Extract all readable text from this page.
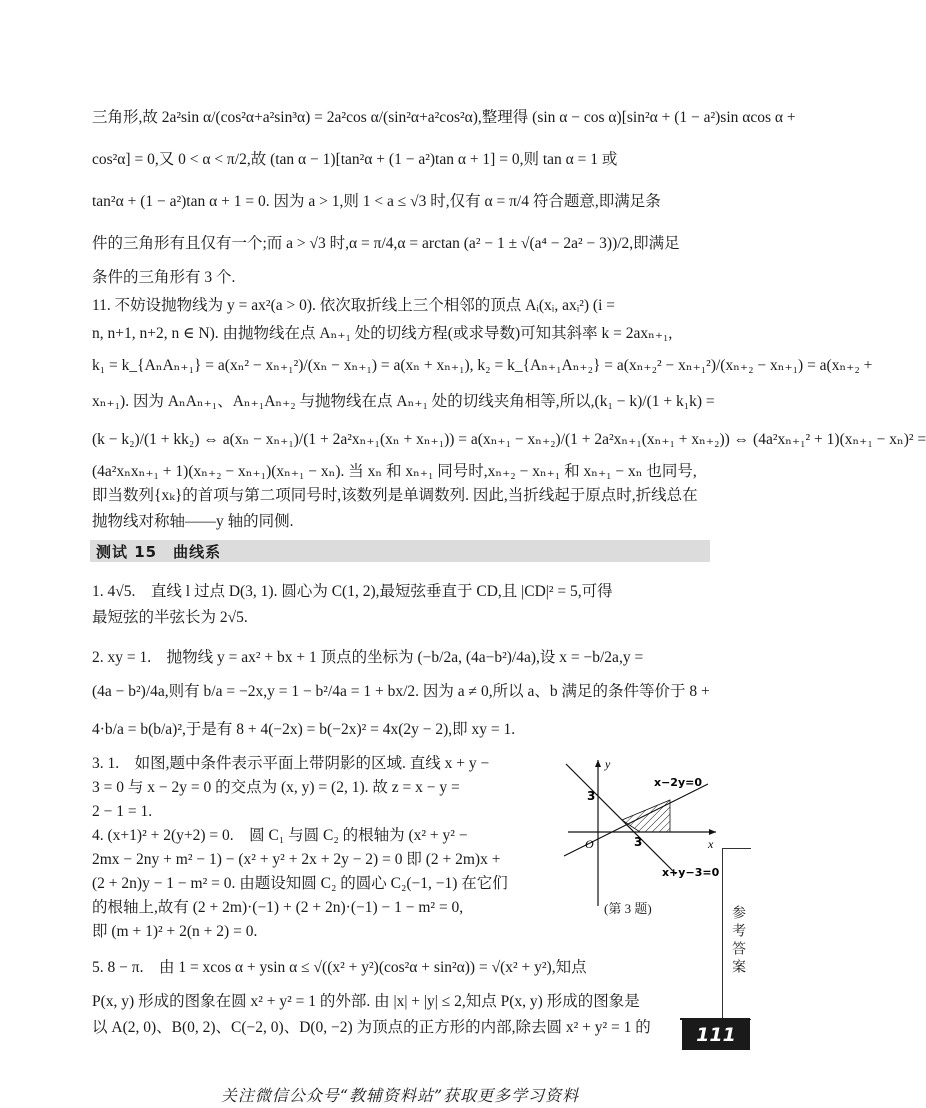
三角形,故 2a²sin α/(cos²α+a²sin³α) = 2a²cos α/(sin²α+a²cos²α),整理得 (sin α − cos α)[sin²α + (1 − a²)sin αcos α +
cos²α] = 0,又 0 < α < π/2,故 (tan α − 1)[tan²α + (1 − a²)tan α + 1] = 0,则 tan α = 1 或
tan²α + (1 − a²)tan α + 1 = 0. 因为 a > 1,则 1 < a ≤ √3 时,仅有 α = π/4 符合题意,即满足条
件的三角形有且仅有一个;而 a > √3 时,α = π/4,α = arctan (a² − 1 ± √(a⁴ − 2a² − 3))/2,即满足
条件的三角形有 3 个.
11. 不妨设抛物线为 y = ax²(a > 0). 依次取折线上三个相邻的顶点 Aᵢ(xᵢ, axᵢ²) (i =
n, n+1, n+2, n ∈ N). 由抛物线在点 Aₙ₊₁ 处的切线方程(或求导数)可知其斜率 k = 2axₙ₊₁,
k₁ = k_{AₙAₙ₊₁} = a(xₙ² − xₙ₊₁²)/(xₙ − xₙ₊₁) = a(xₙ + xₙ₊₁), k₂ = k_{Aₙ₊₁Aₙ₊₂} = a(xₙ₊₂² − xₙ₊₁²)/(xₙ₊₂ − xₙ₊₁) = a(xₙ₊₂ +
xₙ₊₁). 因为 AₙAₙ₊₁、Aₙ₊₁Aₙ₊₂ 与抛物线在点 Aₙ₊₁ 处的切线夹角相等,所以,(k₁ − k)/(1 + k₁k) =
(k − k₂)/(1 + kk₂) ⇔ a(xₙ − xₙ₊₁)/(1 + 2a²xₙ₊₁(xₙ + xₙ₊₁)) = a(xₙ₊₁ − xₙ₊₂)/(1 + 2a²xₙ₊₁(xₙ₊₁ + xₙ₊₂)) ⇔ (4a²xₙ₊₁² + 1)(xₙ₊₁ − xₙ)² =
(4a²xₙxₙ₊₁ + 1)(xₙ₊₂ − xₙ₊₁)(xₙ₊₁ − xₙ). 当 xₙ 和 xₙ₊₁ 同号时,xₙ₊₂ − xₙ₊₁ 和 xₙ₊₁ − xₙ 也同号,
即当数列{xₖ}的首项与第二项同号时,该数列是单调数列. 因此,当折线起于原点时,折线总在
抛物线对称轴——y 轴的同侧.
测试 15　曲线系
1. 4√5.　直线 l 过点 D(3, 1). 圆心为 C(1, 2),最短弦垂直于 CD,且 |CD|² = 5,可得
最短弦的半弦长为 2√5.
2. xy = 1.　抛物线 y = ax² + bx + 1 顶点的坐标为 (−b/2a, (4a−b²)/4a),设 x = −b/2a,y =
(4a − b²)/4a,则有 b/a = −2x,y = 1 − b²/4a = 1 + bx/2. 因为 a ≠ 0,所以 a、b 满足的条件等价于 8 +
4·b/a = b(b/a)²,于是有 8 + 4(−2x) = b(−2x)² = 4x(2y − 2),即 xy = 1.
3. 1.　如图,题中条件表示平面上带阴影的区域. 直线 x + y −
3 = 0 与 x − 2y = 0 的交点为 (x, y) = (2, 1). 故 z = x − y =
2 − 1 = 1.
4. (x+1)² + 2(y+2) = 0.　圆 C₁ 与圆 C₂ 的根轴为 (x² + y² −
2mx − 2ny + m² − 1) − (x² + y² + 2x + 2y − 2) = 0 即 (2 + 2m)x +
(2 + 2n)y − 1 − m² = 0. 由题设知圆 C₂ 的圆心 C₂(−1, −1) 在它们
的根轴上,故有 (2 + 2m)·(−1) + (2 + 2n)·(−1) − 1 − m² = 0,
即 (m + 1)² + 2(n + 2) = 0.
y
x
O
3
3
x−2y=0
x+y−3=0
(第 3 题)
5. 8 − π.　由 1 = xcos α + ysin α ≤ √((x² + y²)(cos²α + sin²α)) = √(x² + y²),知点
P(x, y) 形成的图象在圆 x² + y² = 1 的外部. 由 |x| + |y| ≤ 2,知点 P(x, y) 形成的图象是
以 A(2, 0)、B(0, 2)、C(−2, 0)、D(0, −2) 为顶点的正方形的内部,除去圆 x² + y² = 1 的
参考答案
111
关注微信公众号“教辅资料站”获取更多学习资料
